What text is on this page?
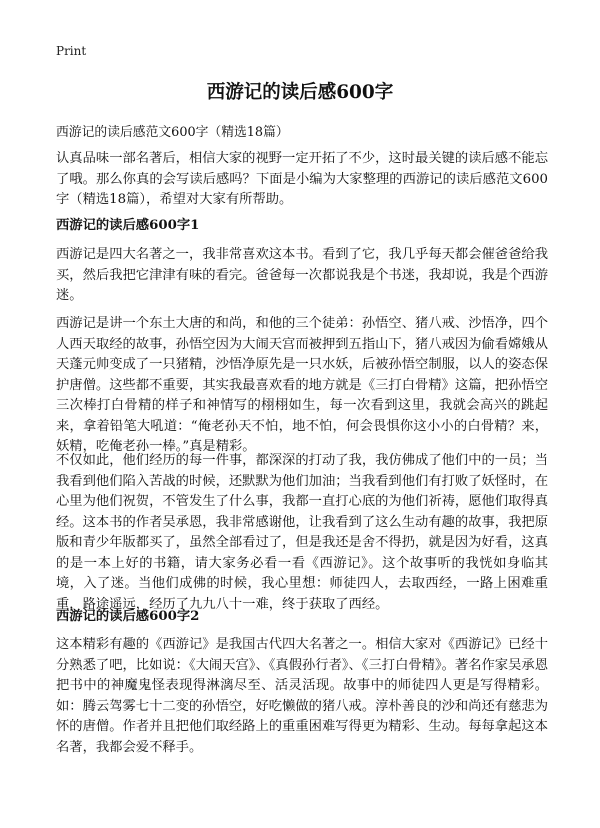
Print
西游记的读后感600字

西游记的读后感范文600字（精选18篇）

认真品味一部名著后，相信大家的视野一定开拓了不少，这时最关键的读后感不能忘了哦。那么你真的会写读后感吗？下面是小编为大家整理的西游记的读后感范文600字（精选18篇），希望对大家有所帮助。

西游记的读后感600字1

西游记是四大名著之一，我非常喜欢这本书。看到了它，我几乎每天都会催爸爸给我买，然后我把它津津有味的看完。爸爸每一次都说我是个书迷，我却说，我是个西游迷。

西游记是讲一个东土大唐的和尚，和他的三个徒弟：孙悟空、猪八戒、沙悟净，四个人西天取经的故事，孙悟空因为大闹天宫而被押到五指山下，猪八戒因为偷看嫦娥从天蓬元帅变成了一只猪精，沙悟净原先是一只水妖，后被孙悟空制服，以人的姿态保护唐僧。这些都不重要，其实我最喜欢看的地方就是《三打白骨精》这篇，把孙悟空三次棒打白骨精的样子和神情写的栩栩如生，每一次看到这里，我就会高兴的跳起来，拿着铅笔大吼道：“俺老孙天不怕，地不怕，何会畏惧你这小小的白骨精？来，妖精，吃俺老孙一棒。”真是精彩。

不仅如此，他们经历的每一件事，都深深的打动了我，我仿佛成了他们中的一员；当我看到他们陷入苦战的时候，还默默为他们加油；当我看到他们有打败了妖怪时，在心里为他们祝贺，不管发生了什么事，我都一直打心底的为他们祈祷，愿他们取得真经。这本书的作者吴承恩，我非常感谢他，让我看到了这么生动有趣的故事，我把原版和青少年版都买了，虽然全部看过了，但是我还是舍不得扔，就是因为好看，这真的是一本上好的书籍，请大家务必看一看《西游记》。这个故事听的我恍如身临其境，入了迷。当他们成佛的时候，我心里想：师徒四人，去取西经，一路上困难重重，路途遥远，经历了九九八十一难，终于获取了西经。

西游记的读后感600字2

这本精彩有趣的《西游记》是我国古代四大名著之一。相信大家对《西游记》已经十分熟悉了吧，比如说：《大闹天宫》、《真假孙行者》、《三打白骨精》。著名作家吴承恩把书中的神魔鬼怪表现得淋漓尽至、活灵活现。故事中的师徒四人更是写得精彩。如：腾云驾雾七十二变的孙悟空，好吃懒做的猪八戒。淳朴善良的沙和尚还有慈悲为怀的唐僧。作者并且把他们取经路上的重重困难写得更为精彩、生动。每每拿起这本名著，我都会爱不释手。
